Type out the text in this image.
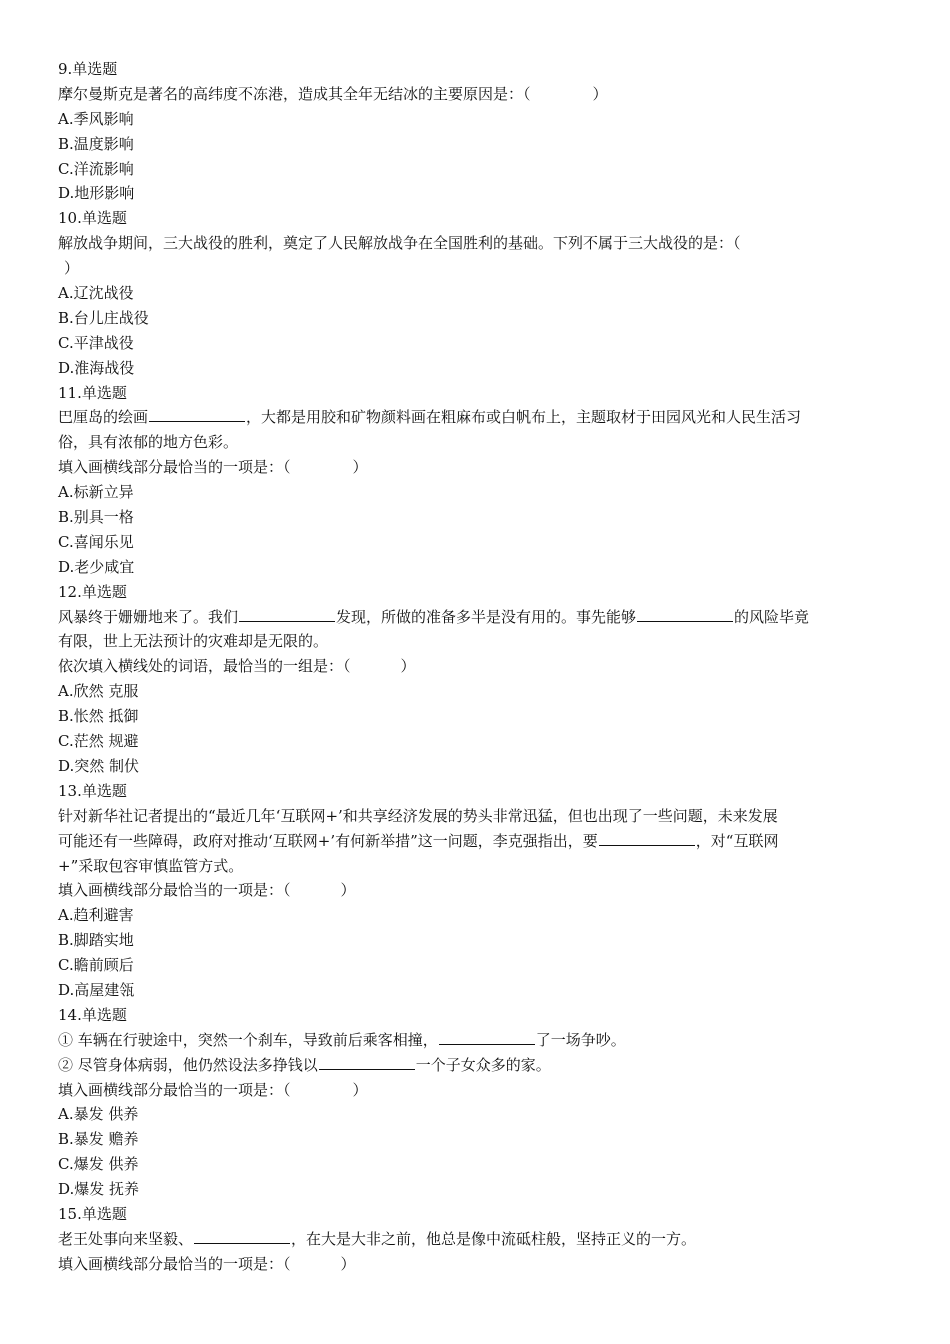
9.单选题
摩尔曼斯克是著名的高纬度不冻港，造成其全年无结冰的主要原因是：（	）
A.季风影响
B.温度影响
C.洋流影响
D.地形影响
10.单选题
解放战争期间，三大战役的胜利，奠定了人民解放战争在全国胜利的基础。下列不属于三大战役的是：（
）
A.辽沈战役
B.台儿庄战役
C.平津战役
D.淮海战役
11.单选题
巴厘岛的绘画	，大都是用胶和矿物颜料画在粗麻布或白帆布上，主题取材于田园风光和人民生活习
俗，具有浓郁的地方色彩。
填入画横线部分最恰当的一项是：（	）
A.标新立异
B.别具一格
C.喜闻乐见
D.老少咸宜
12.单选题
风暴终于姗姗地来了。我们	发现，所做的准备多半是没有用的。事先能够	的风险毕竟
有限，世上无法预计的灾难却是无限的。
依次填入横线处的词语，最恰当的一组是：（	）
A.欣然 克服
B.怅然 抵御
C.茫然 规避
D.突然 制伏
13.单选题
针对新华社记者提出的“最近几年‘互联网+’和共享经济发展的势头非常迅猛，但也出现了一些问题，未来发展
可能还有一些障碍，政府对推动‘互联网+’有何新举措”这一问题，李克强指出，要	，对“互联网
+”采取包容审慎监管方式。
填入画横线部分最恰当的一项是：（	）
A.趋利避害
B.脚踏实地
C.瞻前顾后
D.高屋建瓴
14.单选题
① 车辆在行驶途中，突然一个刹车，导致前后乘客相撞，	了一场争吵。
② 尽管身体病弱，他仍然设法多挣钱以	一个子女众多的家。
填入画横线部分最恰当的一项是：（	）
A.暴发 供养
B.暴发 赡养
C.爆发 供养
D.爆发 抚养
15.单选题
老王处事向来坚毅、	，在大是大非之前，他总是像中流砥柱般，坚持正义的一方。
填入画横线部分最恰当的一项是：（	）
